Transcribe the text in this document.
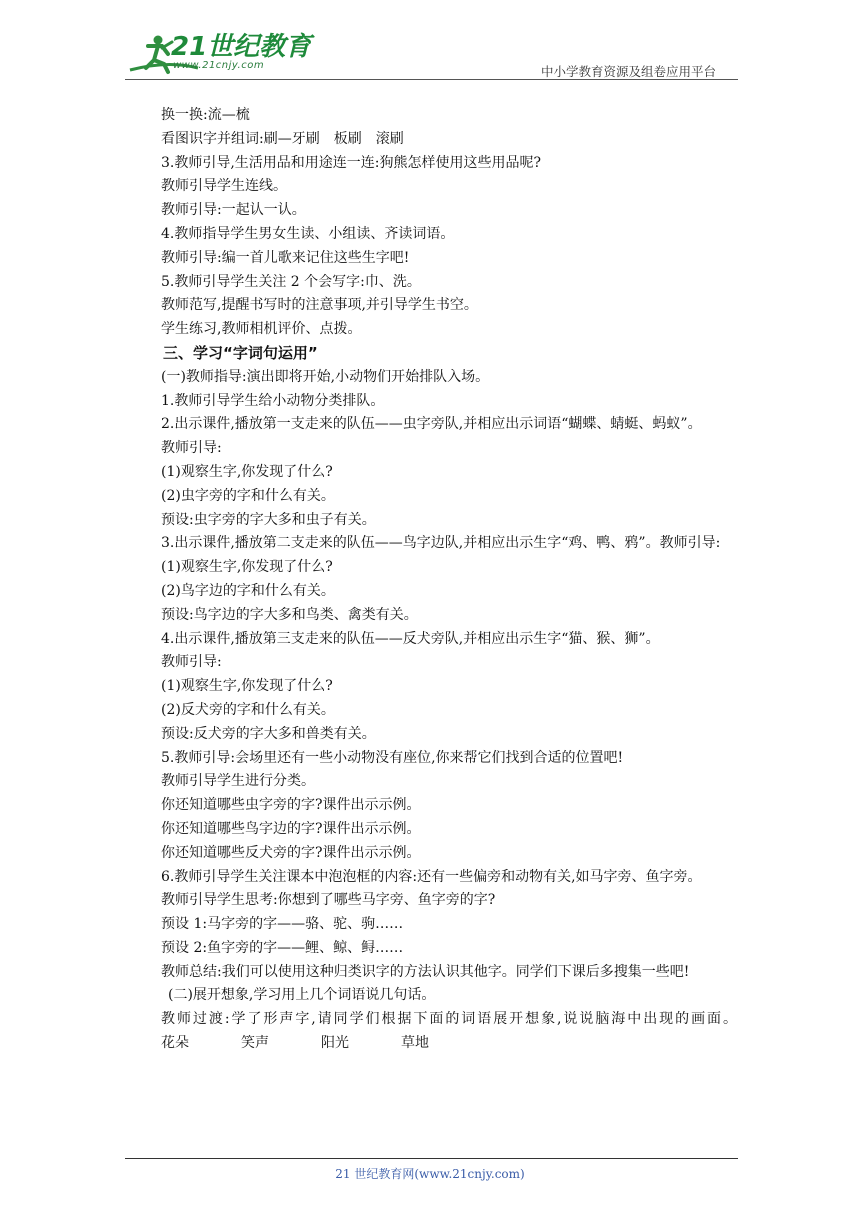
21世纪教育
www.21cnjy.com	中小学教育资源及组卷应用平台
换一换:流—梳
看图识字并组词:刷—牙刷　板刷　滚刷
3.教师引导,生活用品和用途连一连:狗熊怎样使用这些用品呢?
教师引导学生连线。
教师引导:一起认一认。
4.教师指导学生男女生读、小组读、齐读词语。
教师引导:编一首儿歌来记住这些生字吧!
5.教师引导学生关注 2 个会写字:巾、洗。
教师范写,提醒书写时的注意事项,并引导学生书空。
学生练习,教师相机评价、点拨。
三、学习“字词句运用”
(一)教师指导:演出即将开始,小动物们开始排队入场。
1.教师引导学生给小动物分类排队。
2.出示课件,播放第一支走来的队伍——虫字旁队,并相应出示词语“蝴蝶、蜻蜓、蚂蚁”。
教师引导:
(1)观察生字,你发现了什么?
(2)虫字旁的字和什么有关。
预设:虫字旁的字大多和虫子有关。
3.出示课件,播放第二支走来的队伍——鸟字边队,并相应出示生字“鸡、鸭、鸦”。教师引导:
(1)观察生字,你发现了什么?
(2)鸟字边的字和什么有关。
预设:鸟字边的字大多和鸟类、禽类有关。
4.出示课件,播放第三支走来的队伍——反犬旁队,并相应出示生字“猫、猴、狮”。
教师引导:
(1)观察生字,你发现了什么?
(2)反犬旁的字和什么有关。
预设:反犬旁的字大多和兽类有关。
5.教师引导:会场里还有一些小动物没有座位,你来帮它们找到合适的位置吧!
教师引导学生进行分类。
你还知道哪些虫字旁的字?课件出示示例。
你还知道哪些鸟字边的字?课件出示示例。
你还知道哪些反犬旁的字?课件出示示例。
6.教师引导学生关注课本中泡泡框的内容:还有一些偏旁和动物有关,如马字旁、鱼字旁。
教师引导学生思考:你想到了哪些马字旁、鱼字旁的字?
预设 1:马字旁的字——骆、驼、驹……
预设 2:鱼字旁的字——鲤、鲸、鲟……
教师总结:我们可以使用这种归类识字的方法认识其他字。同学们下课后多搜集一些吧!
(二)展开想象,学习用上几个词语说几句话。
教师过渡:学了形声字,请同学们根据下面的词语展开想象,说说脑海中出现的画面。花朵	笑声	阳光	草地
21 世纪教育网(www.21cnjy.com)
